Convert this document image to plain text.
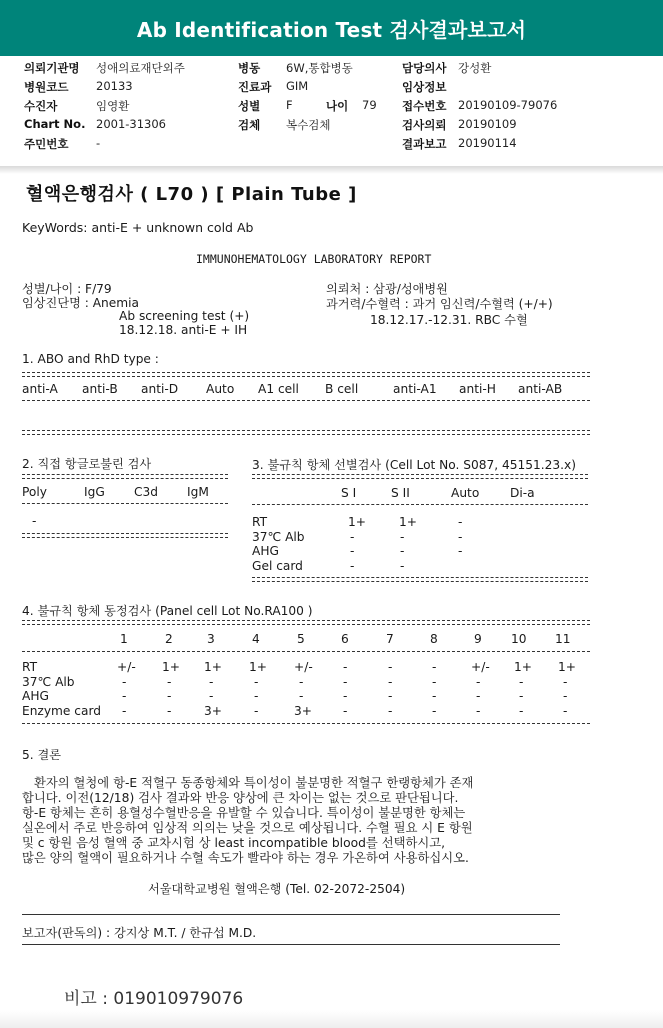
Ab Identification Test 검사결과보고서
의뢰기관명 성애의료재단외주
병원코드 20133
수진자	임영환
Chart No. 2001-31306
주민번호 -
병동 6W,통합병동
진료과 GIM
성별 F	나이 79
검체 복수검체
담당의사 강성환
임상정보
접수번호 20190109-79076
검사의뢰 20190109
결과보고 20190114
혈액은행검사 ( L70 ) [ Plain Tube ]
KeyWords: anti-E + unknown cold Ab
IMMUNOHEMATOLOGY LABORATORY REPORT
성별/나이 : F/79
임상진단명 : Anemia
Ab screening test (+)
18.12.18. anti-E + IH
의뢰처 : 삼광/성애병원
과거력/수혈력 : 과거 임신력/수혈력 (+/+)
18.12.17.-12.31. RBC 수혈
1. ABO and RhD type :
anti-A anti-B anti-D Auto A1 cell B cell	anti-A1 anti-H anti-AB
2. 직접 항글로불린 검사
Poly	IgG C3d IgM
-
3. 불규칙 항체 선별검사 (Cell Lot No. S087, 45151.23.x)
S I	S II	Auto	Di-a
RT	1+	1+	-
37℃ Alb	-	-	-
AHG	-	-	-
Gel card	-	-
4. 불규칙 항체 동정검사 (Panel cell Lot No.RA100 )
1	2	3	4	5	6	7	8	9 10 11
RT	+/- 1+ 1+ 1+ +/- -	-	-	+/- 1+ 1+
37℃ Alb	-	-	-	-	-	-	-	-	-	-	-
AHG	-	-	-	-	-	-	-	-	-	-	-
Enzyme card -	-	3+	-	3+	-	-	-	-	-	-
5. 결론
환자의 혈청에 항-E 적혈구 동종항체와 특이성이 불분명한 적혈구 한랭항체가 존재
합니다. 이전(12/18) 검사 결과와 반응 양상에 큰 차이는 없는 것으로 판단됩니다.
항-E 항체는 흔히 용혈성수혈반응을 유발할 수 있습니다. 특이성이 불분명한 항체는
실온에서 주로 반응하여 임상적 의의는 낮을 것으로 예상됩니다. 수혈 필요 시 E 항원
및 c 항원 음성 혈액 중 교차시험 상 least incompatible blood를 선택하시고,
많은 양의 혈액이 필요하거나 수혈 속도가 빨라야 하는 경우 가온하여 사용하십시오.
서울대학교병원 혈액은행 (Tel. 02-2072-2504)
보고자(판독의) : 강지상 M.T. / 한규섭 M.D.
비고 : 019010979076
